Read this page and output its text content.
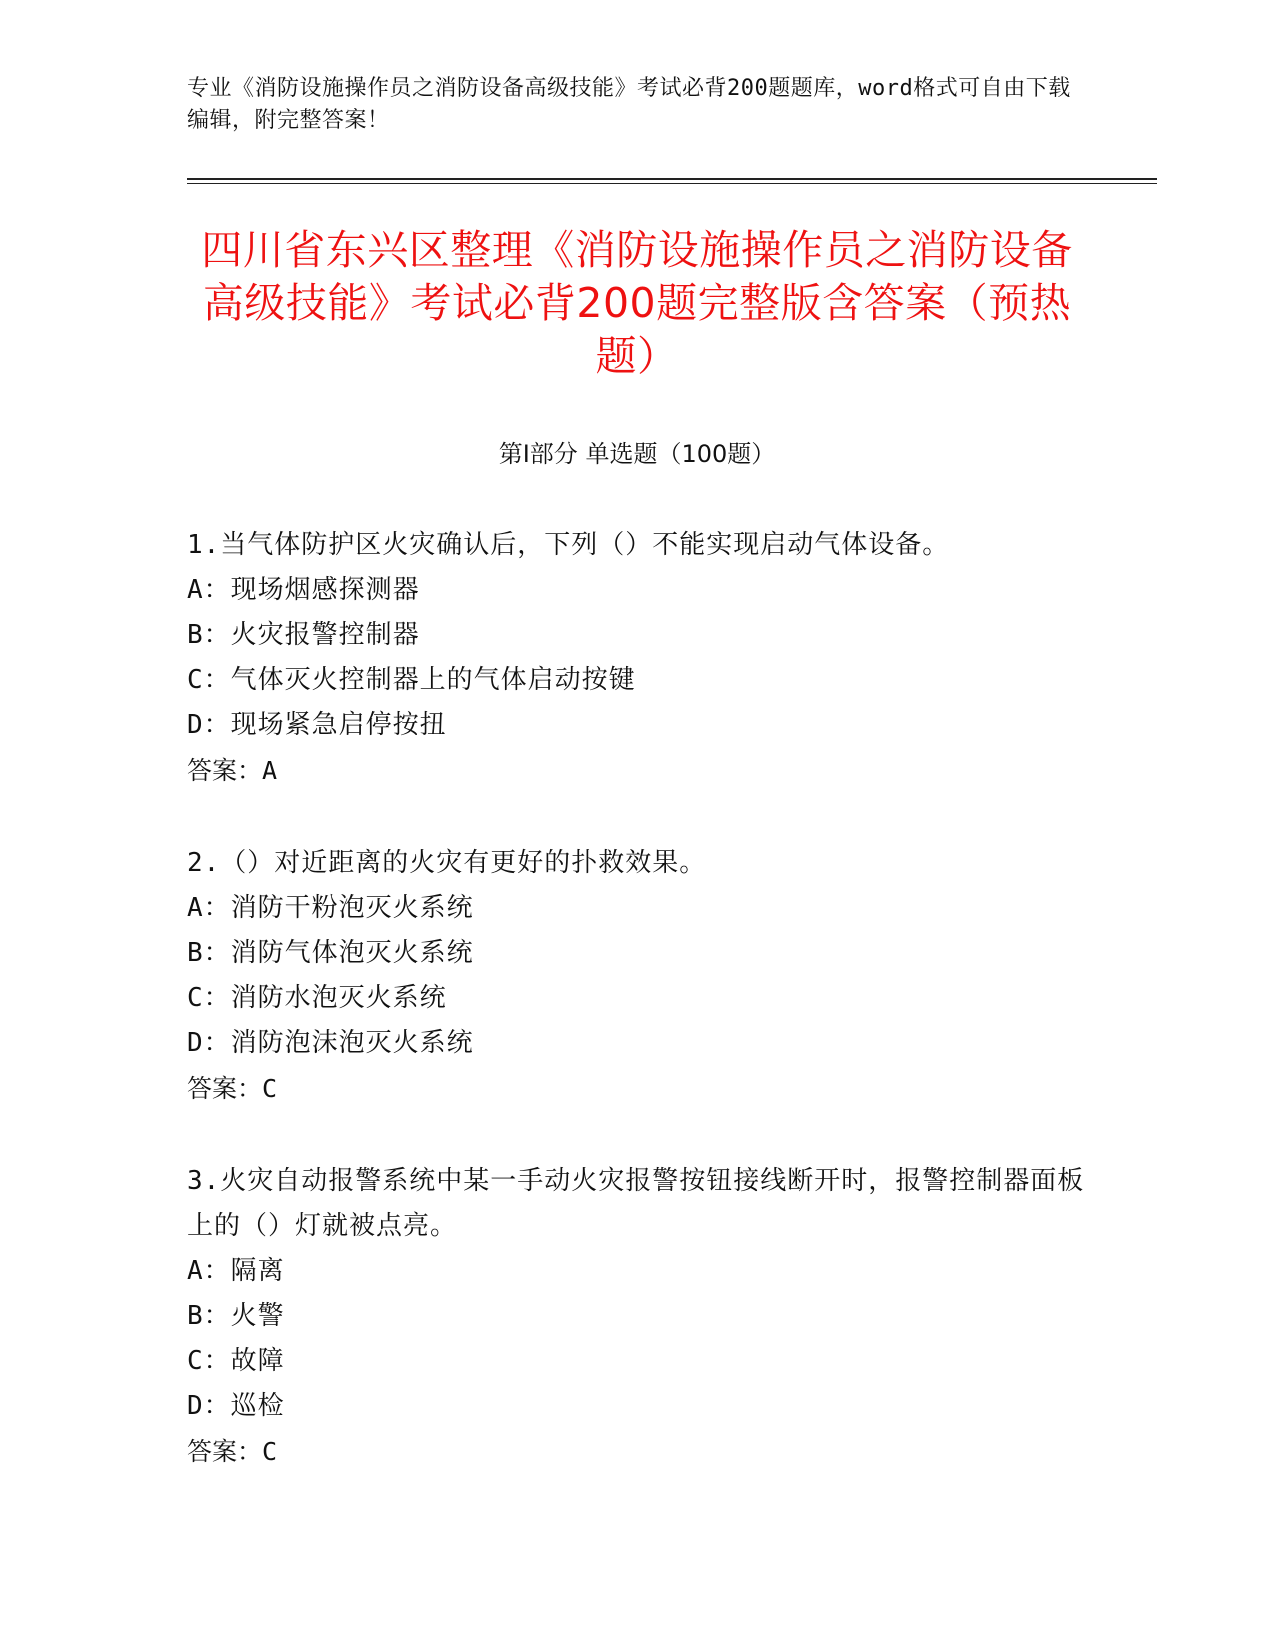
专业《消防设施操作员之消防设备高级技能》考试必背200题题库，word格式可自由下载编辑，附完整答案！
四川省东兴区整理《消防设施操作员之消防设备高级技能》考试必背200题完整版含答案（预热题）
第I部分 单选题（100题）
1.当气体防护区火灾确认后，下列（）不能实现启动气体设备。
A：现场烟感探测器
B：火灾报警控制器
C：气体灭火控制器上的气体启动按键
D：现场紧急启停按扭
答案：A
2.（）对近距离的火灾有更好的扑救效果。
A：消防干粉泡灭火系统
B：消防气体泡灭火系统
C：消防水泡灭火系统
D：消防泡沫泡灭火系统
答案：C
3.火灾自动报警系统中某一手动火灾报警按钮接线断开时，报警控制器面板上的（）灯就被点亮。
A：隔离
B：火警
C：故障
D：巡检
答案：C
